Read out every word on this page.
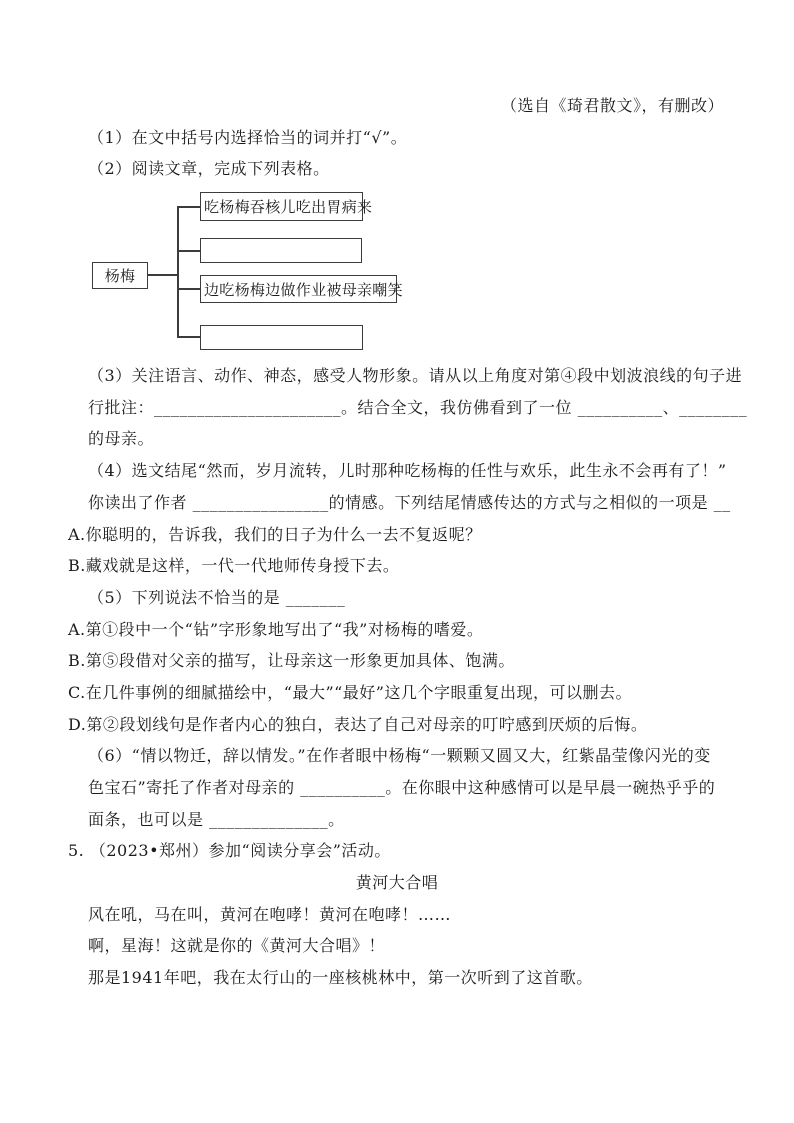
（选自《琦君散文》，有删改）
（1）在文中括号内选择恰当的词并打“√”。
（2）阅读文章，完成下列表格。
杨梅
吃杨梅吞核儿吃出胃病来
边吃杨梅边做作业被母亲嘲笑
（3）关注语言、动作、神态，感受人物形象。请从以上角度对第④段中划波浪线的句子进
行批注：______________________。结合全文，我仿佛看到了一位 __________、________
的母亲。
（4）选文结尾“然而，岁月流转，儿时那种吃杨梅的任性与欢乐，此生永不会再有了！”
你读出了作者 ________________的情感。下列结尾情感传达的方式与之相似的一项是 __
A.你聪明的，告诉我，我们的日子为什么一去不复返呢？
B.藏戏就是这样，一代一代地师传身授下去。
（5）下列说法不恰当的是 _______
A.第①段中一个“钻”字形象地写出了“我”对杨梅的嗜爱。
B.第⑤段借对父亲的描写，让母亲这一形象更加具体、饱满。
C.在几件事例的细腻描绘中，“最大”“最好”这几个字眼重复出现，可以删去。
D.第②段划线句是作者内心的独白，表达了自己对母亲的叮咛感到厌烦的后悔。
（6）“情以物迁，辞以情发。”在作者眼中杨梅“一颗颗又圆又大，红紫晶莹像闪光的变
色宝石”寄托了作者对母亲的 __________。在你眼中这种感情可以是早晨一碗热乎乎的
面条，也可以是 ______________。
5. （2023•郑州）参加“阅读分享会”活动。
黄河大合唱
风在吼，马在叫，黄河在咆哮！黄河在咆哮！……
啊，星海！这就是你的《黄河大合唱》！
那是1941年吧，我在太行山的一座核桃林中，第一次听到了这首歌。
